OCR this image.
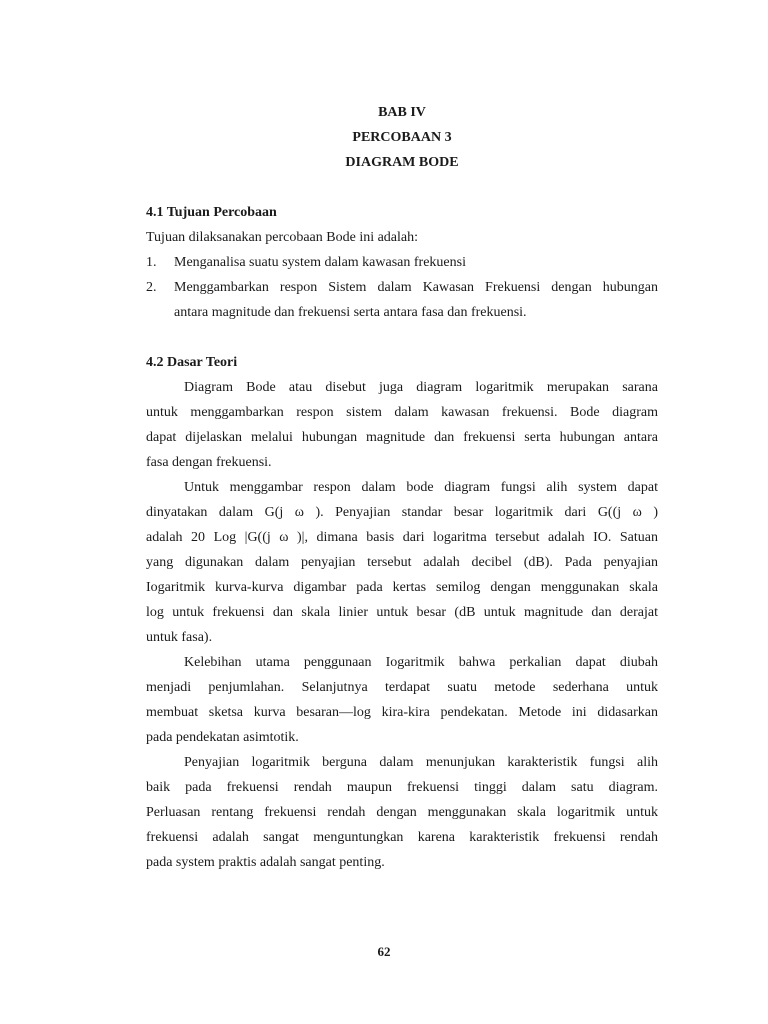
BAB IV
PERCOBAAN 3
DIAGRAM BODE
4.1 Tujuan Percobaan
Tujuan dilaksanakan percobaan Bode ini adalah:
1. Menganalisa suatu system dalam kawasan frekuensi
2. Menggambarkan respon Sistem dalam Kawasan Frekuensi dengan hubungan
antara magnitude dan frekuensi serta antara fasa dan frekuensi.
4.2 Dasar Teori
Diagram Bode atau disebut juga diagram logaritmik merupakan sarana
untuk menggambarkan respon sistem dalam kawasan frekuensi. Bode diagram
dapat dijelaskan melalui hubungan magnitude dan frekuensi serta hubungan antara
fasa dengan frekuensi.
Untuk menggambar respon dalam bode diagram fungsi alih system dapat
dinyatakan dalam G(j ω ). Penyajian standar besar logaritmik dari G((j ω )
adalah 20 Log |G((j ω )|, dimana basis dari logaritma tersebut adalah IO. Satuan
yang digunakan dalam penyajian tersebut adalah decibel (dB). Pada penyajian
Iogaritmik kurva-kurva digambar pada kertas semilog dengan menggunakan skala
log untuk frekuensi dan skala linier untuk besar (dB untuk magnitude dan derajat
untuk fasa).
Kelebihan utama penggunaan Iogaritmik bahwa perkalian dapat diubah
menjadi penjumlahan. Selanjutnya terdapat suatu metode sederhana untuk
membuat sketsa kurva besaran—log kira-kira pendekatan. Metode ini didasarkan
pada pendekatan asimtotik.
Penyajian logaritmik berguna dalam menunjukan karakteristik fungsi alih
baik pada frekuensi rendah maupun frekuensi tinggi dalam satu diagram.
Perluasan rentang frekuensi rendah dengan menggunakan skala logaritmik untuk
frekuensi adalah sangat menguntungkan karena karakteristik frekuensi rendah
pada system praktis adalah sangat penting.
62
